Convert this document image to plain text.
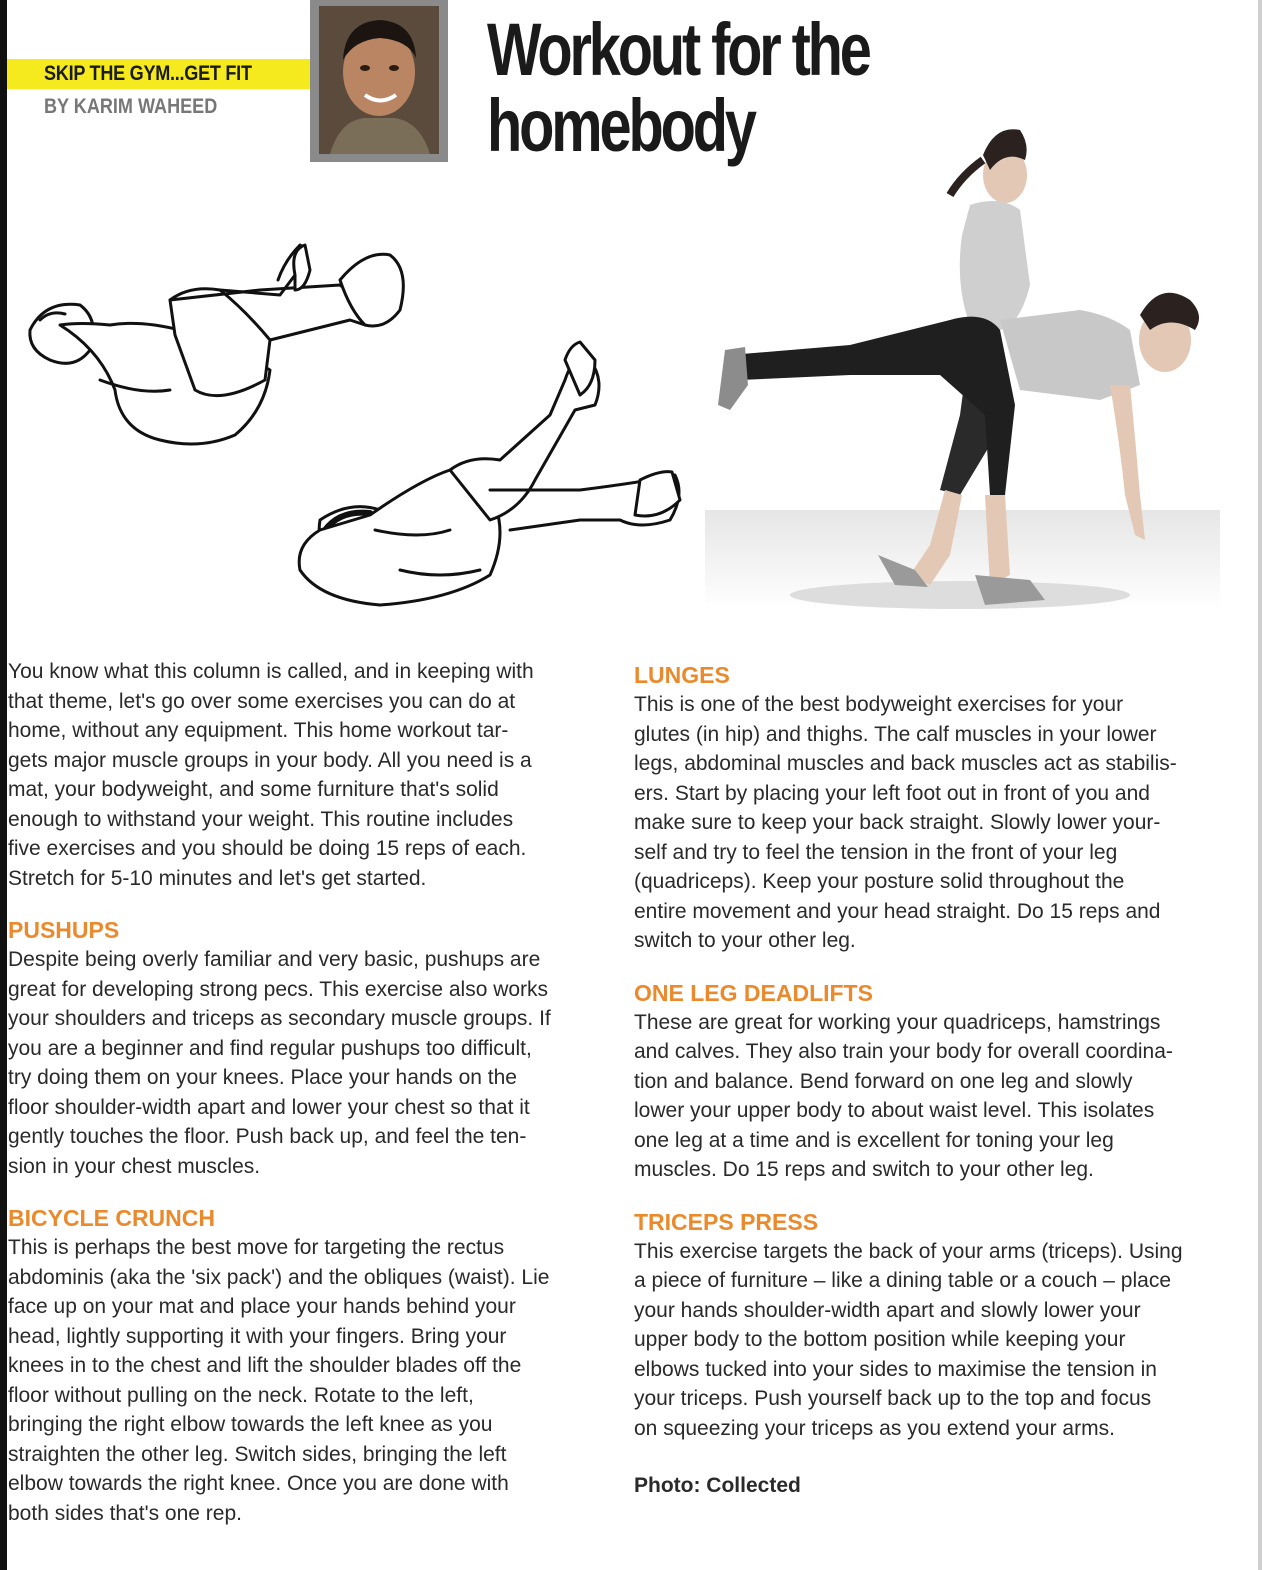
SKIP THE GYM...GET FIT
BY KARIM WAHEED
Workout for the
homebody

You know what this column is called, and in keeping with
that theme, let's go over some exercises you can do at
home, without any equipment. This home workout tar-
gets major muscle groups in your body. All you need is a
mat, your bodyweight, and some furniture that's solid
enough to withstand your weight. This routine includes
five exercises and you should be doing 15 reps of each.
Stretch for 5-10 minutes and let's get started.

PUSHUPS

Despite being overly familiar and very basic, pushups are
great for developing strong pecs. This exercise also works
your shoulders and triceps as secondary muscle groups. If
you are a beginner and find regular pushups too difficult,
try doing them on your knees. Place your hands on the
floor shoulder-width apart and lower your chest so that it
gently touches the floor. Push back up, and feel the ten-
sion in your chest muscles.

BICYCLE CRUNCH

This is perhaps the best move for targeting the rectus
abdominis (aka the 'six pack') and the obliques (waist). Lie
face up on your mat and place your hands behind your
head, lightly supporting it with your fingers. Bring your
knees in to the chest and lift the shoulder blades off the
floor without pulling on the neck. Rotate to the left,
bringing the right elbow towards the left knee as you
straighten the other leg. Switch sides, bringing the left
elbow towards the right knee. Once you are done with
both sides that's one rep.

LUNGES

This is one of the best bodyweight exercises for your
glutes (in hip) and thighs. The calf muscles in your lower
legs, abdominal muscles and back muscles act as stabilis-
ers. Start by placing your left foot out in front of you and
make sure to keep your back straight. Slowly lower your-
self and try to feel the tension in the front of your leg
(quadriceps). Keep your posture solid throughout the
entire movement and your head straight. Do 15 reps and
switch to your other leg.

ONE LEG DEADLIFTS

These are great for working your quadriceps, hamstrings
and calves. They also train your body for overall coordina-
tion and balance. Bend forward on one leg and slowly
lower your upper body to about waist level. This isolates
one leg at a time and is excellent for toning your leg
muscles. Do 15 reps and switch to your other leg.

TRICEPS PRESS

This exercise targets the back of your arms (triceps). Using
a piece of furniture – like a dining table or a couch – place
your hands shoulder-width apart and slowly lower your
upper body to the bottom position while keeping your
elbows tucked into your sides to maximise the tension in
your triceps. Push yourself back up to the top and focus
on squeezing your triceps as you extend your arms.

Photo: Collected
